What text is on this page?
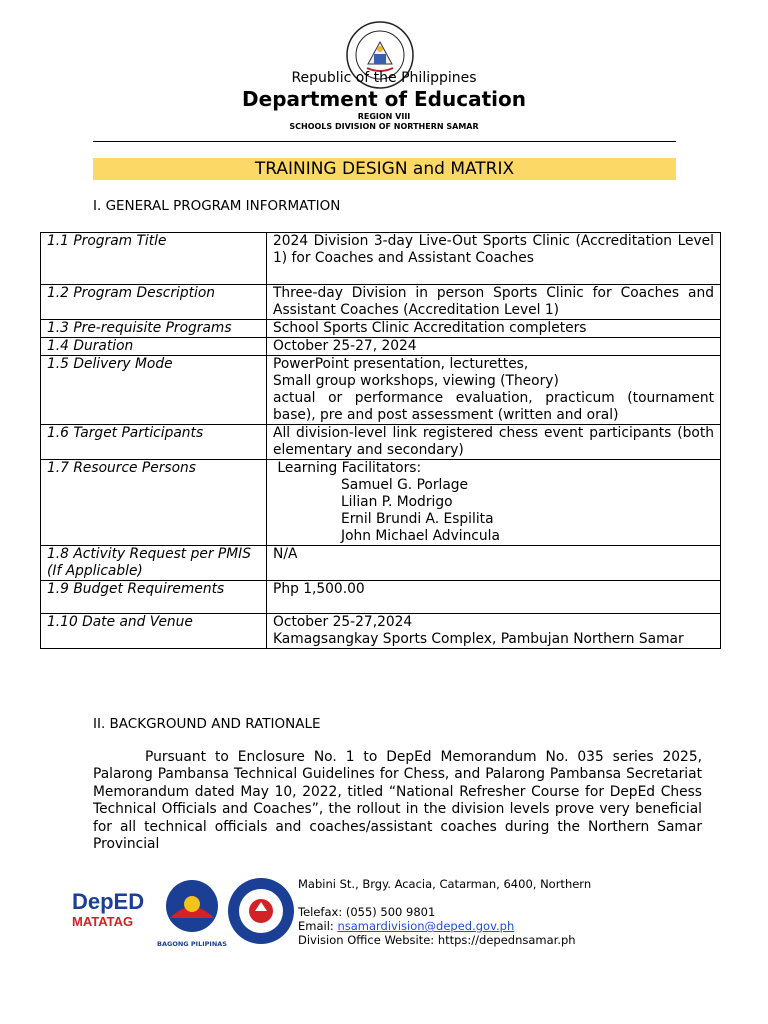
Republic of the Philippines
Department of Education
REGION VIII
SCHOOLS DIVISION OF NORTHERN SAMAR
TRAINING DESIGN and MATRIX
I. GENERAL PROGRAM INFORMATION
1.1 Program Title	2024 Division 3-day Live-Out Sports Clinic (Accreditation Level 1) for Coaches and Assistant Coaches
1.2 Program Description	Three-day Division in person Sports Clinic for Coaches and Assistant Coaches (Accreditation Level 1)
1.3 Pre-requisite Programs	School Sports Clinic Accreditation completers
1.4 Duration	October 25-27, 2024
1.5 Delivery Mode	PowerPoint presentation, lecturettes,
Small group workshops, viewing (Theory)
actual or performance evaluation, practicum (tournament base), pre and post assessment (written and oral)

1.6 Target Participants	All division-level link registered chess event participants (both elementary and secondary)
1.7 Resource Persons	Learning Facilitators:
Samuel G. Porlage
Lilian P. Modrigo
Ernil Brundi A. Espilita
John Michael Advincula

1.8 Activity Request per PMIS (If Applicable)	N/A
1.9 Budget Requirements	Php 1,500.00
1.10 Date and Venue	October 25-27,2024
Kamagsangkay Sports Complex, Pambujan Northern Samar
II. BACKGROUND AND RATIONALE

Pursuant to Enclosure No. 1 to DepEd Memorandum No. 035 series 2025, Palarong Pambansa Technical Guidelines for Chess, and Palarong Pambansa Secretariat Memorandum dated May 10, 2022, titled “National Refresher Course for DepEd Chess Technical Officials and Coaches”, the rollout in the division levels prove very beneficial for all technical officials and coaches/assistant coaches during the Northern Samar Provincial

DepED
MATATAG
BAGONG PILIPINAS
Mabini St., Brgy. Acacia, Catarman, 6400, Northern
Telefax: (055) 500 9801
Email: nsamardivision@deped.gov.ph
Division Office Website: https://depednsamar.ph
